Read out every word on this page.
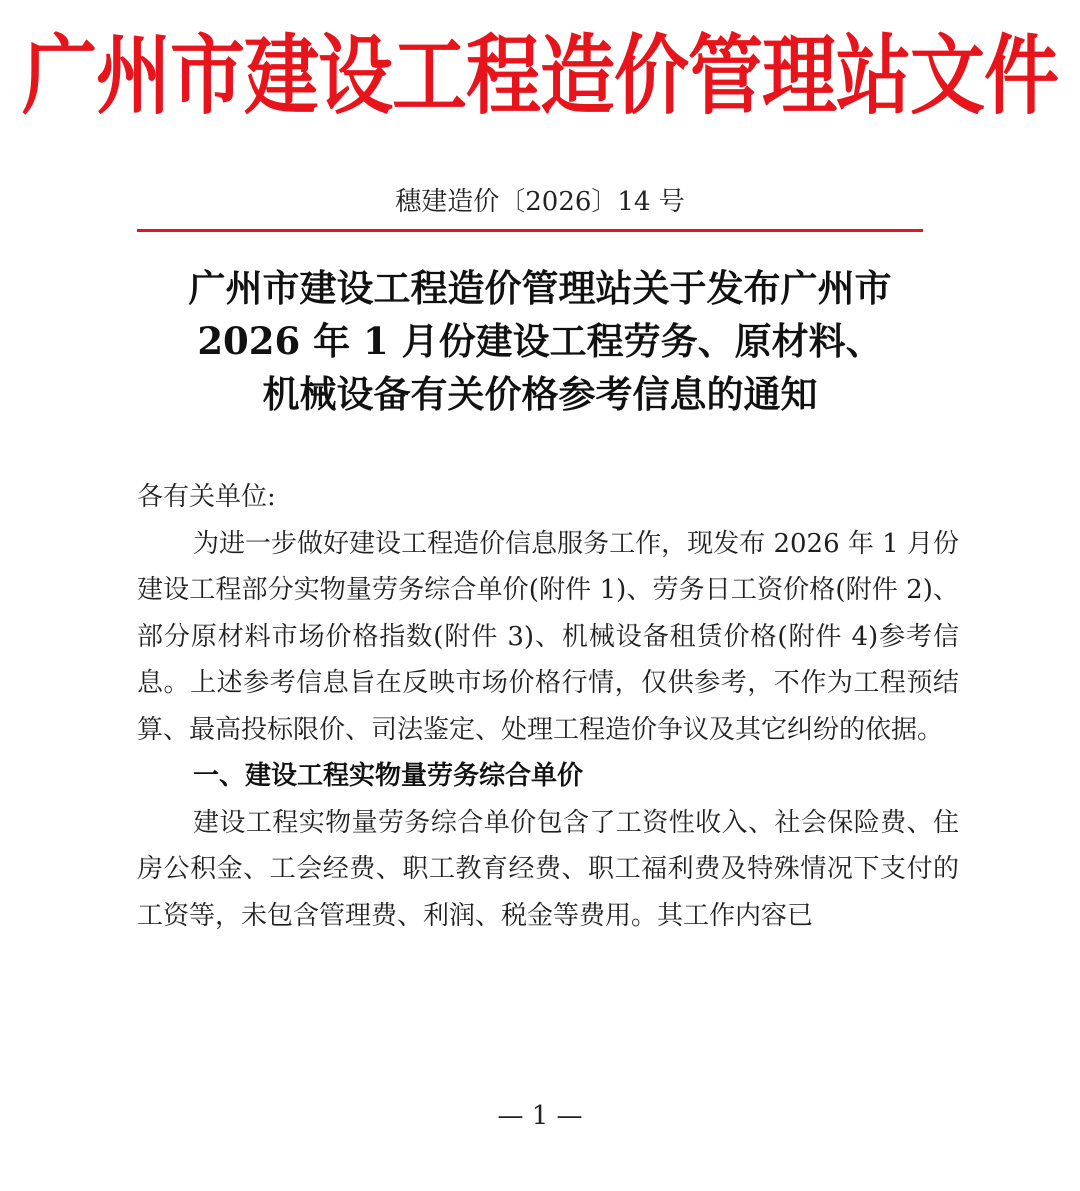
广州市建设工程造价管理站文件
穗建造价〔2026〕14 号
广州市建设工程造价管理站关于发布广州市
2026 年 1 月份建设工程劳务、原材料、
机械设备有关价格参考信息的通知

各有关单位:

为进一步做好建设工程造价信息服务工作，现发布 2026 年 1 月份建设工程部分实物量劳务综合单价(附件 1)、劳务日工资价格(附件 2)、部分原材料市场价格指数(附件 3)、机械设备租赁价格(附件 4)参考信息。上述参考信息旨在反映市场价格行情，仅供参考，不作为工程预结算、最高投标限价、司法鉴定、处理工程造价争议及其它纠纷的依据。

一、建设工程实物量劳务综合单价

建设工程实物量劳务综合单价包含了工资性收入、社会保险费、住房公积金、工会经费、职工教育经费、职工福利费及特殊情况下支付的工资等，未包含管理费、利润、税金等费用。其工作内容已

— 1 —
